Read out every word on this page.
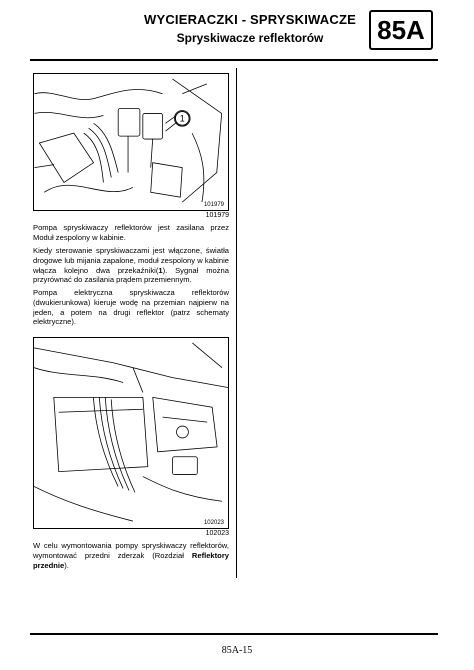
WYCIERACZKI - SPRYSKIWACZE
Spryskiwacze reflektorów	85A
1
101979
101979

Pompa spryskiwaczy reflektorów jest zasilana przez Moduł zespolony w kabinie.

Kiedy sterowanie spryskiwaczami jest włączone, światła drogowe lub mijania zapalone, moduł zespolony w kabinie włącza kolejno dwa przekaźniki(1). Sygnał można przyrównać do zasilania prądem przemiennym.

Pompa elektryczna spryskiwacza reflektorów (dwukierunkowa) kieruje wodę na przemian najpierw na jeden, a potem na drugi reflektor (patrz schematy elektryczne).

102023
102023

W celu wymontowania pompy spryskiwaczy reflektorów, wymontować przedni zderzak (Rozdział Reflektory przednie).

85A-15
